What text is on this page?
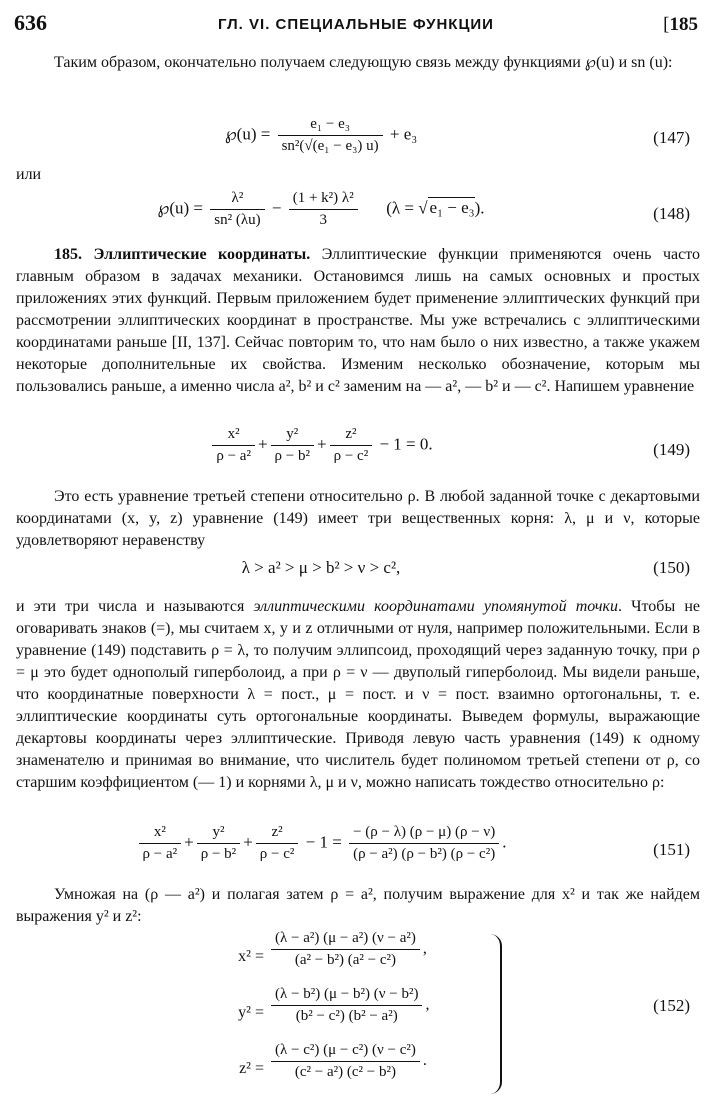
636	ГЛ. VI. СПЕЦИАЛЬНЫЕ ФУНКЦИИ
[	185

Таким образом, окончательно получаем следующую связь между функциями ℘(u) и sn (u):

℘(u) = $\frac{\text{e₁ − e₃}}{\text{sn²(√(e₁ − e₃) u)}} + e_3$	(147)

или

℘(u) = $\frac{\text{λ²}}{\text{sn² (λu)}} - \frac{\text{(1 + k²) λ²}}{3} (\lambda$ = √ e₁ − e₃).	(148)

185. Эллиптические координаты. Эллиптические функции применяются очень часто главным образом в задачах механики. Остановимся лишь на самых основных и простых приложениях этих функций. Первым приложением будет применение эллиптических функций при рассмотрении эллиптических координат в пространстве. Мы уже встречались с эллиптическими координатами раньше [II, 137]. Сейчас повторим то, что нам было о них известно, а также укажем некоторые дополнительные их свойства. Изменим несколько обозначение, которым мы пользовались раньше, а именно числа a², b² и c² заменим на — a², — b² и — c². Напишем уравнение

$\frac{\text{x²}}{\text{ρ − a²}} + \frac{\text{y²}}{\text{ρ − b²}} + \frac{\text{z²}}{\text{ρ − c²}} - 1 = 0$.	(149)

Это есть уравнение третьей степени относительно ρ. В любой заданной точке с декартовыми координатами (x, y, z) уравнение (149) имеет три вещественных корня: λ, μ и ν, которые удовлетворяют неравенству

λ > a² > μ > b² > ν > c²,	(150)

и эти три числа и называются эллиптическими координатами упомянутой точки. Чтобы не оговаривать знаков (=), мы считаем x, y и z отличными от нуля, например положительными. Если в уравнение (149) подставить ρ = λ, то получим эллипсоид, проходящий через заданную точку, при ρ = μ это будет однополый гиперболоид, а при ρ = ν — двуполый гиперболоид. Мы видели раньше, что координатные поверхности λ = пост., μ = пост. и ν = пост. взаимно ортогональны, т. е. эллиптические координаты суть ортогональные координаты. Выведем формулы, выражающие декартовы координаты через эллиптические. Приводя левую часть уравнения (149) к одному знаменателю и принимая во внимание, что числитель будет полиномом третьей степени от ρ, со старшим коэффициентом (— 1) и корнями λ, μ и ν, можно написать тождество относительно ρ:

$\frac{\text{x²}}{\text{ρ − a²}} + \frac{\text{y²}}{\text{ρ − b²}} + \frac{\text{z²}}{\text{ρ − c²}} - 1 = \frac{- (\rho - \lambda) (\rho - \mu) (\rho - \nu)}{\text{(ρ − a²) (ρ − b²) (ρ − c²)}}$ .	(151)

Умножая на (ρ — a²) и полагая затем ρ = a², получим выражение для x² и так же найдем выражения y² и z²:

$x^2 = \frac{\text{(λ − a²) (μ − a²) (ν − a²)}}{\text{(a² − b²) (a² − c²)}}$ ,
$y^2 = \frac{\text{(λ − b²) (μ − b²) (ν − b²)}}{\text{(b² − c²) (b² − a²)}}$ ,
$z^2 = \frac{\text{(λ − c²) (μ − c²) (ν − c²)}}{\text{(c² − a²) (c² − b²)}}$ .
(152)
